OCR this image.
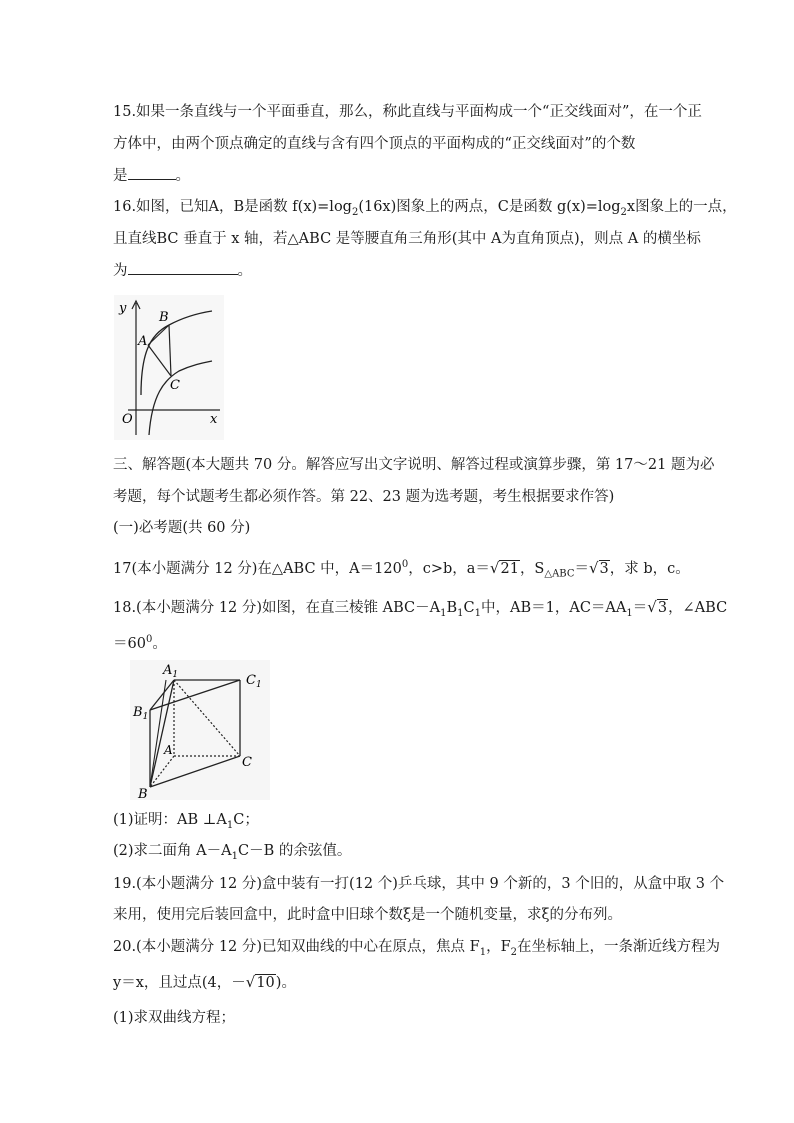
15.如果一条直线与一个平面垂直，那么，称此直线与平面构成一个“正交线面对”，在一个正
方体中，由两个顶点确定的直线与含有四个顶点的平面构成的“正交线面对”的个数
是	。
16.如图，已知A，B是函数 $f(x)=\log_2(16x)$图象上的两点，C是函数 $g(x)=\log_2x$图象上的一点，
且直线BC 垂直于 x 轴，若△ABC 是等腰直角三角形(其中 A为直角顶点)，则点 A 的横坐标
为	。
y
x
O
A
B
C
三、解答题(本大题共 70 分。解答应写出文字说明、解答过程或演算步骤，第 17～21 题为必
考题，每个试题考生都必须作答。第 22、23 题为选考题，考生根据要求作答)
(一)必考题(共 60 分)
17(本小题满分 12 分)在△ABC 中，$A=120^0$，c>b，a＝√21，$S_{\triangle ABC}=√3$，求 b，c。
18.(本小题满分 12 分)如图，在直三棱锥 $ABC-A_1B_1C_1$中，AB＝1，$AC=AA_1=√3$，∠ABC
$=60^0$。
$A_1$	$C_1$
$B_1$
A
C
B
(1)证明：AB $\perp A_1C$；
(2)求二面角 $A-A_1C-B$ 的余弦值。
19.(本小题满分 12 分)盒中装有一打(12 个)乒乓球，其中 9 个新的，3 个旧的，从盒中取 3 个
来用，使用完后装回盒中，此时盒中旧球个数ξ是一个随机变量，求ξ的分布列。
20.(本小题满分 12 分)已知双曲线的中心在原点，焦点 $F_1$，$F_2$在坐标轴上，一条渐近线方程为
y＝x，且过点(4，－√10)。
(1)求双曲线方程；
